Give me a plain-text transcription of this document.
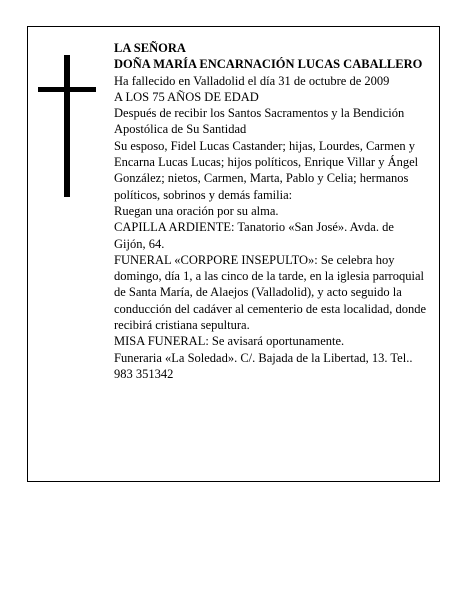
LA SEÑORA

DOÑA MARÍA ENCARNACIÓN LUCAS CABALLERO

Ha fallecido en Valladolid el día 31 de octubre de 2009

A LOS 75 AÑOS DE EDAD

Después de recibir los Santos Sacramentos y la Bendición Apostólica de Su Santidad

Su esposo, Fidel Lucas Castander; hijas, Lourdes, Carmen y Encarna Lucas Lucas; hijos políticos, Enrique Villar y Ángel González; nietos, Carmen, Marta, Pablo y Celia; hermanos políticos, sobrinos y demás familia:

Ruegan una oración por su alma.

CAPILLA ARDIENTE: Tanatorio «San José». Avda. de Gijón, 64.

FUNERAL «CORPORE INSEPULTO»: Se celebra hoy domingo, día 1, a las cinco de la tarde, en la iglesia parroquial de Santa María, de Alaejos (Valladolid), y acto seguido la conducción del cadáver al cementerio de esta localidad, donde recibirá cristiana sepultura.

MISA FUNERAL: Se avisará oportunamente.

Funeraria «La Soledad». C/. Bajada de la Libertad, 13. Tel.. 983 351342
